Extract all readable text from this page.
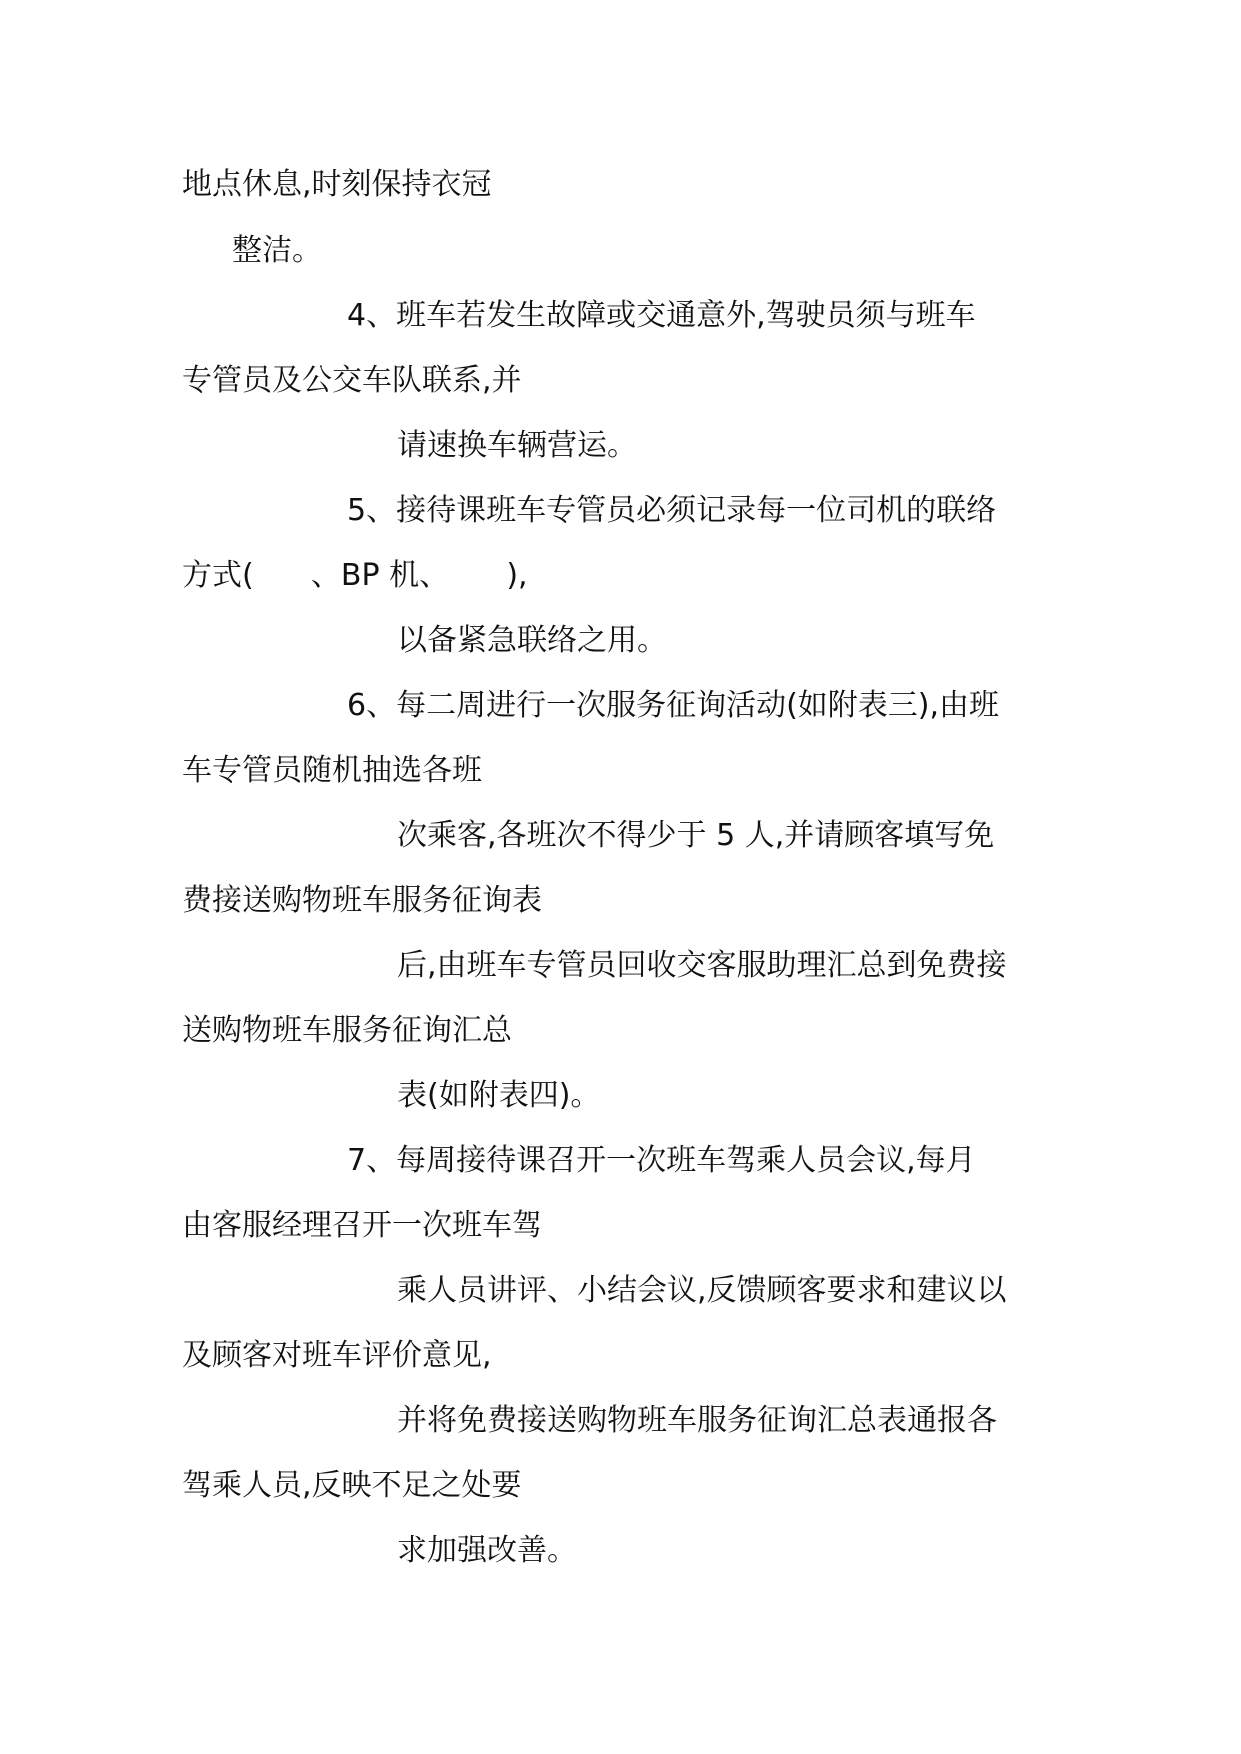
地点休息,时刻保持衣冠

整洁。

4、班车若发生故障或交通意外,驾驶员须与班车

专管员及公交车队联系,并

请速换车辆营运。

5、接待课班车专管员必须记录每一位司机的联络

方式(      、BP 机、      ),

以备紧急联络之用。

6、每二周进行一次服务征询活动(如附表三),由班

车专管员随机抽选各班

次乘客,各班次不得少于 5 人,并请顾客填写免

费接送购物班车服务征询表

后,由班车专管员回收交客服助理汇总到免费接

送购物班车服务征询汇总

表(如附表四)。

7、每周接待课召开一次班车驾乘人员会议,每月

由客服经理召开一次班车驾

乘人员讲评、小结会议,反馈顾客要求和建议以

及顾客对班车评价意见,

并将免费接送购物班车服务征询汇总表通报各

驾乘人员,反映不足之处要

求加强改善。
